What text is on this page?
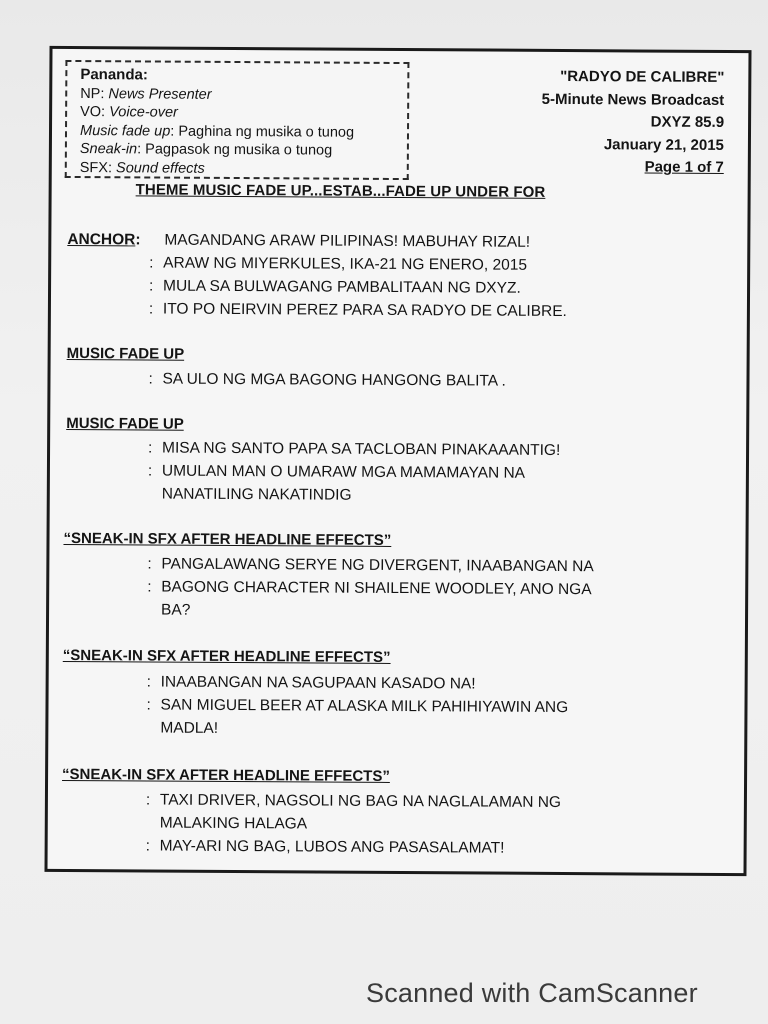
Pananda:
NP: News Presenter
VO: Voice-over
Music fade up: Paghina ng musika o tunog
Sneak-in: Pagpasok ng musika o tunog
SFX: Sound effects
"RADYO DE CALIBRE"
5-Minute News Broadcast
DXYZ 85.9
January 21, 2015
Page 1 of 7
THEME MUSIC FADE UP...ESTAB...FADE UP UNDER FOR
ANCHOR: MAGANDANG ARAW PILIPINAS! MABUHAY RIZAL!
: ARAW NG MIYERKULES, IKA-21 NG ENERO, 2015
: MULA SA BULWAGANG PAMBALITAAN NG DXYZ.
: ITO PO NEIRVIN PEREZ PARA SA RADYO DE CALIBRE.
MUSIC FADE UP
: SA ULO NG MGA BAGONG HANGONG BALITA .
MUSIC FADE UP
: MISA NG SANTO PAPA SA TACLOBAN PINAKAAANTIG!
: UMULAN MAN O UMARAW MGA MAMAMAYAN NA
NANATILING NAKATINDIG
“SNEAK-IN SFX AFTER HEADLINE EFFECTS”
: PANGALAWANG SERYE NG DIVERGENT, INAABANGAN NA
: BAGONG CHARACTER NI SHAILENE WOODLEY, ANO NGA
BA?
“SNEAK-IN SFX AFTER HEADLINE EFFECTS”
: INAABANGAN NA SAGUPAAN KASADO NA!
: SAN MIGUEL BEER AT ALASKA MILK PAHIHIYAWIN ANG
MADLA!
“SNEAK-IN SFX AFTER HEADLINE EFFECTS”
: TAXI DRIVER, NAGSOLI NG BAG NA NAGLALAMAN NG
MALAKING HALAGA
: MAY-ARI NG BAG, LUBOS ANG PASASALAMAT!
Scanned with CamScanner
